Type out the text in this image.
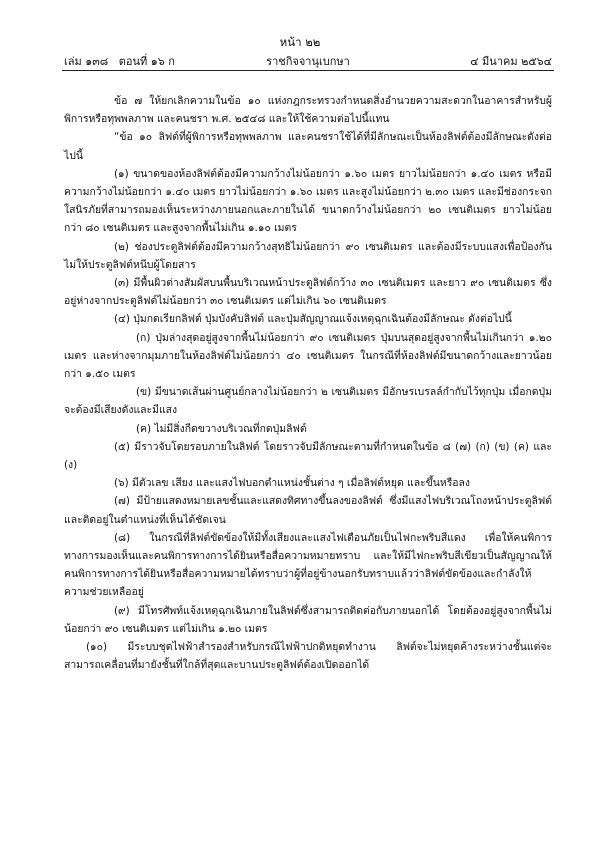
หน้า ๒๒
เล่ม ๑๓๘   ตอนที่ ๑๖ ก	ราชกิจจานุเบกษา	๔ มีนาคม ๒๕๖๔

ข้อ ๗ ให้ยกเลิกความในข้อ ๑๐ แห่งกฎกระทรวงกำหนดสิ่งอำนวยความสะดวกในอาคารสำหรับผู้พิการหรือทุพพลภาพ และคนชรา พ.ศ. ๒๕๔๘ และให้ใช้ความต่อไปนี้แทน

“ข้อ ๑๐ ลิฟต์ที่ผู้พิการหรือทุพพลภาพ และคนชราใช้ได้ที่มีลักษณะเป็นห้องลิฟต์ต้องมีลักษณะดังต่อไปนี้

(๑) ขนาดของห้องลิฟต์ต้องมีความกว้างไม่น้อยกว่า ๑.๖๐ เมตร ยาวไม่น้อยกว่า ๑.๔๐ เมตร หรือมีความกว้างไม่น้อยกว่า ๑.๔๐ เมตร ยาวไม่น้อยกว่า ๑.๖๐ เมตร และสูงไม่น้อยกว่า ๒.๓๐ เมตร และมีช่องกระจกใสนิรภัยที่สามารถมองเห็นระหว่างภายนอกและภายในได้ ขนาดกว้างไม่น้อยกว่า ๒๐ เซนติเมตร ยาวไม่น้อยกว่า ๘๐ เซนติเมตร และสูงจากพื้นไม่เกิน ๑.๑๐ เมตร

(๒) ช่องประตูลิฟต์ต้องมีความกว้างสุทธิไม่น้อยกว่า ๙๐ เซนติเมตร และต้องมีระบบแสงเพื่อป้องกันไม่ให้ประตูลิฟต์หนีบผู้โดยสาร

(๓) มีพื้นผิวต่างสัมผัสบนพื้นบริเวณหน้าประตูลิฟต์กว้าง ๓๐ เซนติเมตร และยาว ๙๐ เซนติเมตร ซึ่งอยู่ห่างจากประตูลิฟต์ไม่น้อยกว่า ๓๐ เซนติเมตร แต่ไม่เกิน ๖๐ เซนติเมตร

(๔) ปุ่มกดเรียกลิฟต์ ปุ่มบังคับลิฟต์ และปุ่มสัญญาณแจ้งเหตุฉุกเฉินต้องมีลักษณะ ดังต่อไปนี้

(ก) ปุ่มล่างสุดอยู่สูงจากพื้นไม่น้อยกว่า ๙๐ เซนติเมตร ปุ่มบนสุดอยู่สูงจากพื้นไม่เกินกว่า ๑.๒๐ เมตร และห่างจากมุมภายในห้องลิฟต์ไม่น้อยกว่า ๔๐ เซนติเมตร ในกรณีที่ห้องลิฟต์มีขนาดกว้างและยาวน้อยกว่า ๑.๕๐ เมตร

(ข) มีขนาดเส้นผ่านศูนย์กลางไม่น้อยกว่า ๒ เซนติเมตร มีอักษรเบรลล์กำกับไว้ทุกปุ่ม เมื่อกดปุ่มจะต้องมีเสียงดังและมีแสง

(ค) ไม่มีสิ่งกีดขวางบริเวณที่กดปุ่มลิฟต์

(๕) มีราวจับโดยรอบภายในลิฟต์ โดยราวจับมีลักษณะตามที่กำหนดในข้อ ๘ (๗) (ก) (ข) (ค) และ (ง)

(๖) มีตัวเลข เสียง และแสงไฟบอกตำแหน่งชั้นต่าง ๆ เมื่อลิฟต์หยุด และขึ้นหรือลง

(๗) มีป้ายแสดงหมายเลขชั้นและแสดงทิศทางขึ้นลงของลิฟต์ ซึ่งมีแสงไฟบริเวณโถงหน้าประตูลิฟต์และติดอยู่ในตำแหน่งที่เห็นได้ชัดเจน

(๘) ในกรณีที่ลิฟต์ขัดข้องให้มีทั้งเสียงและแสงไฟเตือนภัยเป็นไฟกะพริบสีแดง เพื่อให้คนพิการทางการมองเห็นและคนพิการทางการได้ยินหรือสื่อความหมายทราบ และให้มีไฟกะพริบสีเขียวเป็นสัญญาณให้คนพิการทางการได้ยินหรือสื่อความหมายได้ทราบว่าผู้ที่อยู่ข้างนอกรับทราบแล้วว่าลิฟต์ขัดข้องและกำลังให้ความช่วยเหลืออยู่

(๙) มีโทรศัพท์แจ้งเหตุฉุกเฉินภายในลิฟต์ซึ่งสามารถติดต่อกับภายนอกได้ โดยต้องอยู่สูงจากพื้นไม่น้อยกว่า ๙๐ เซนติเมตร แต่ไม่เกิน ๑.๒๐ เมตร

(๑๐) มีระบบชุดไฟฟ้าสำรองสำหรับกรณีไฟฟ้าปกติหยุดทำงาน ลิฟต์จะไม่หยุดค้างระหว่างชั้นแต่จะสามารถเคลื่อนที่มายังชั้นที่ใกล้ที่สุดและบานประตูลิฟต์ต้องเปิดออกได้
